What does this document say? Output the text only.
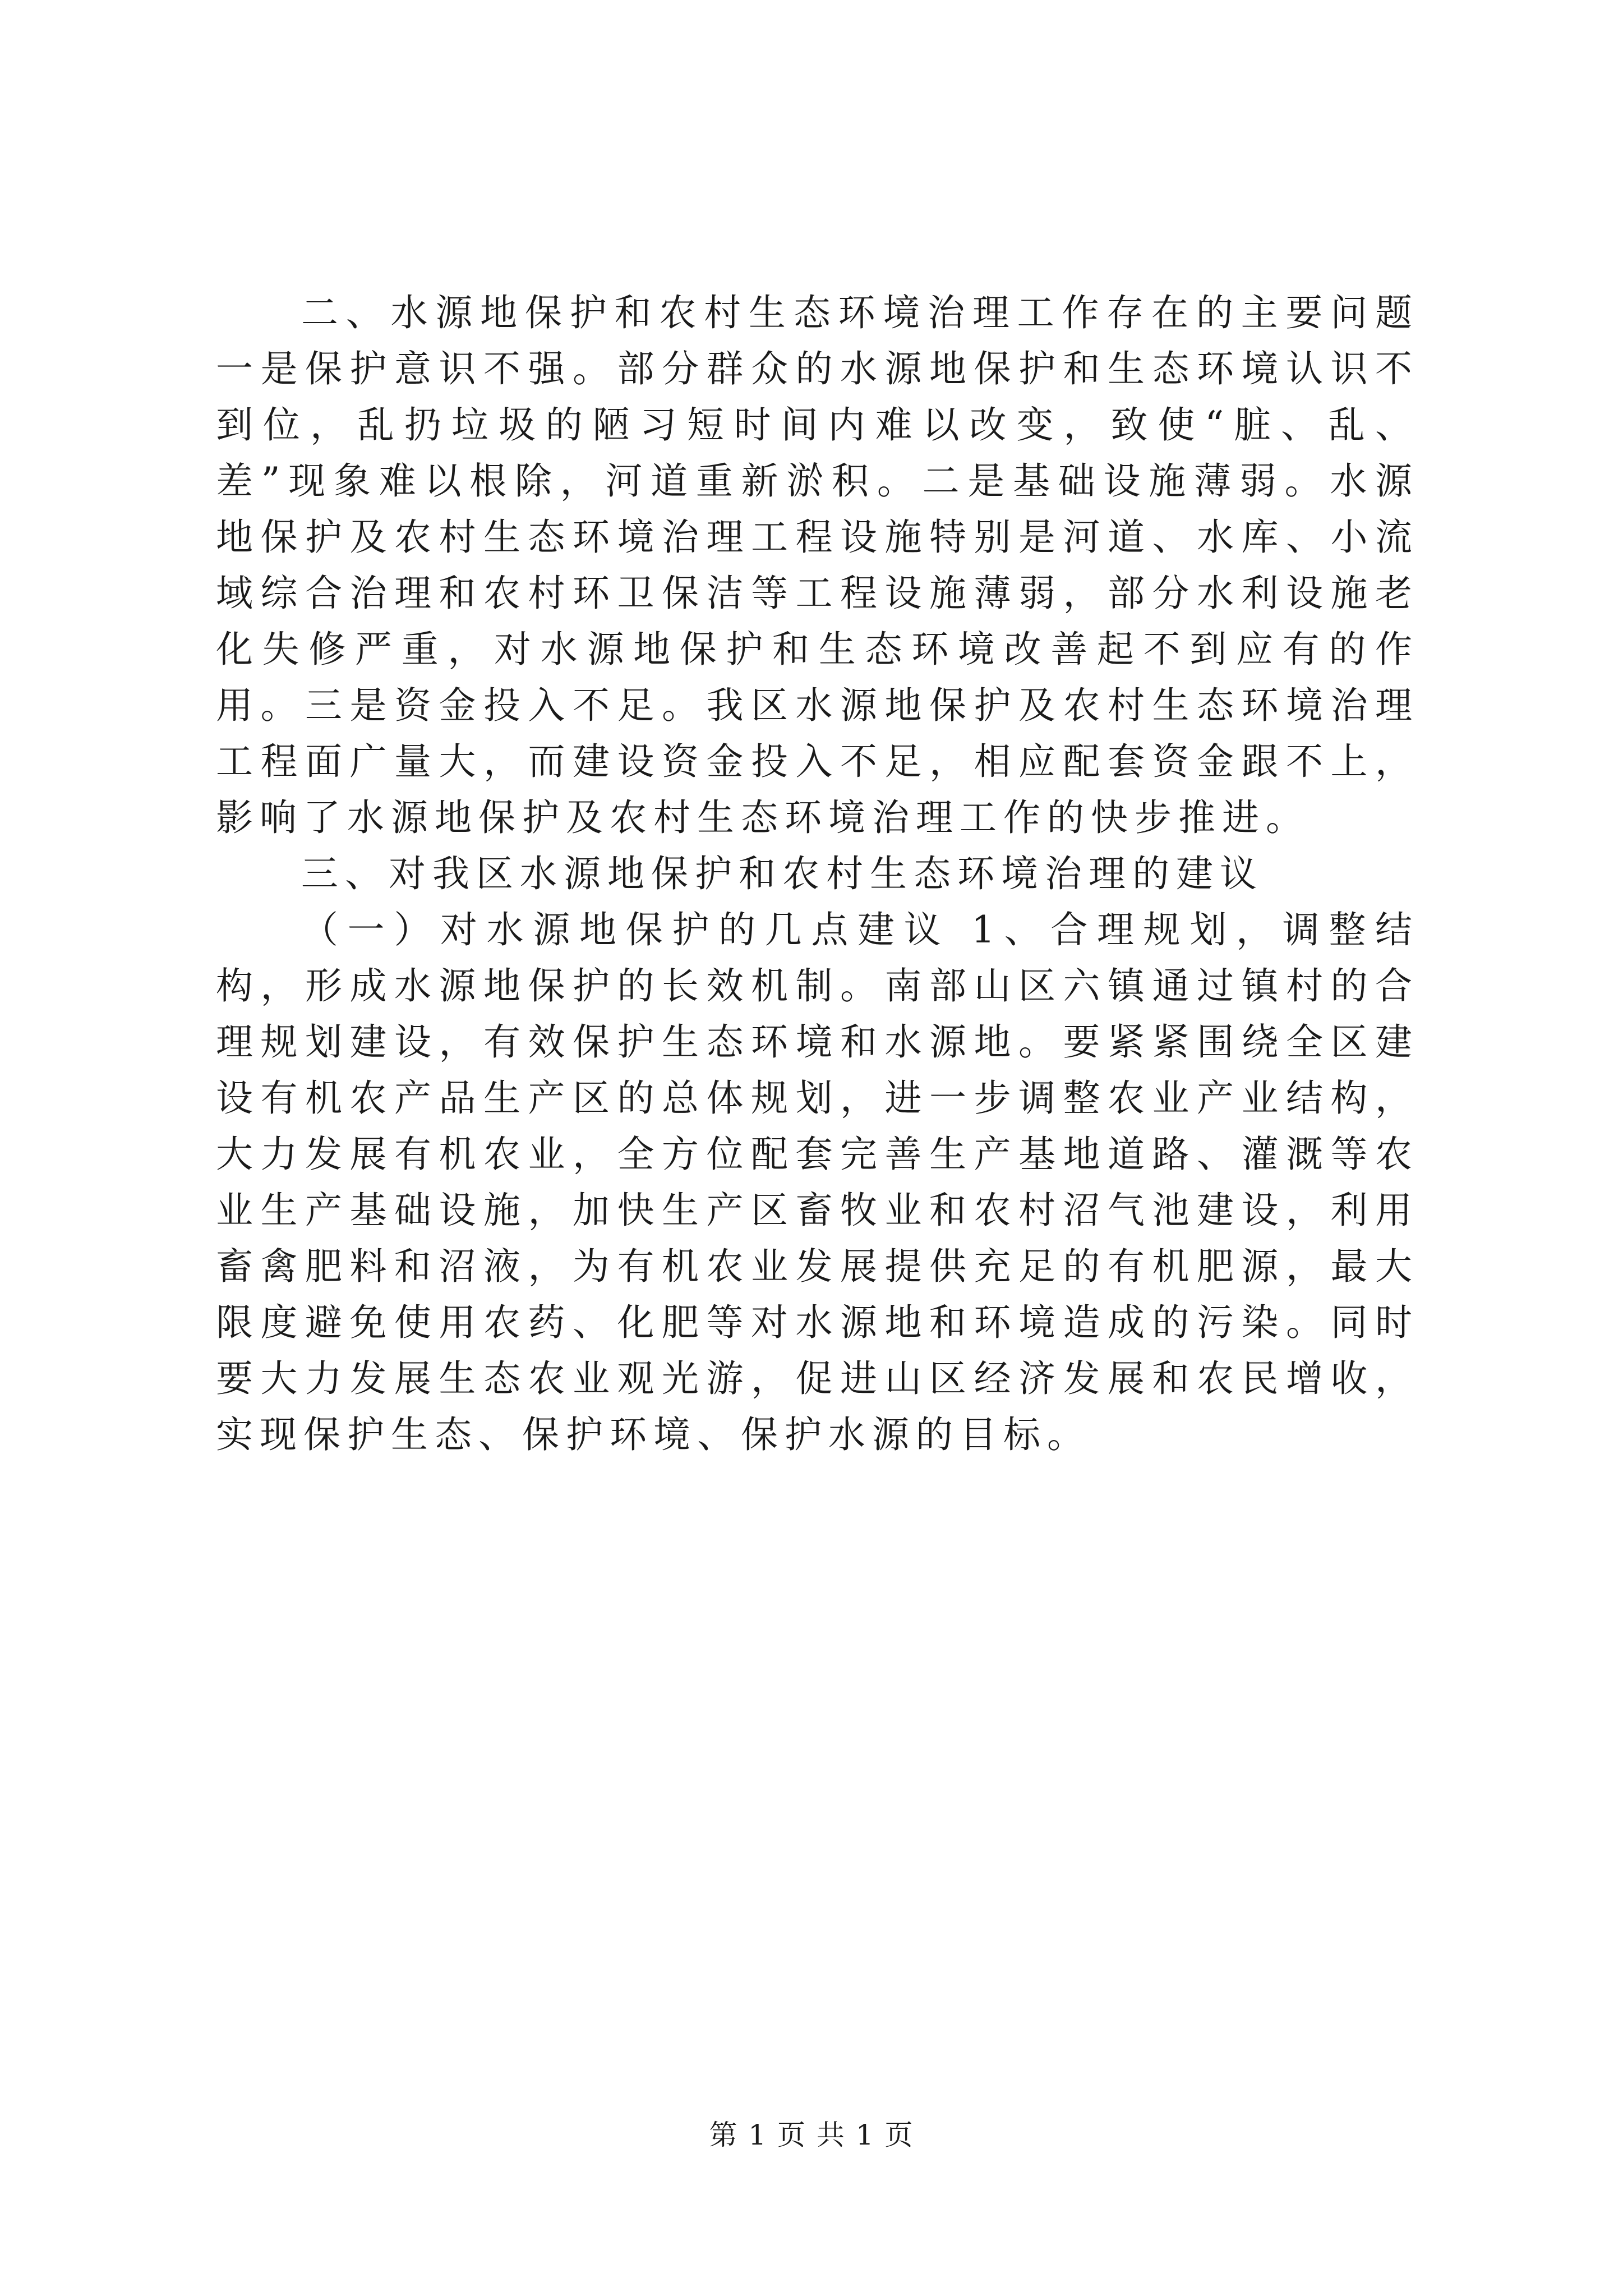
二、水源地保护和农村生态环境治理工作存在的主要问题一是保护意识不强。部分群众的水源地保护和生态环境认识不到位，乱扔垃圾的陋习短时间内难以改变，致使“脏、乱、差”现象难以根除，河道重新淤积。二是基础设施薄弱。水源地保护及农村生态环境治理工程设施特别是河道、水库、小流域综合治理和农村环卫保洁等工程设施薄弱，部分水利设施老化失修严重，对水源地保护和生态环境改善起不到应有的作用。三是资金投入不足。我区水源地保护及农村生态环境治理工程面广量大，而建设资金投入不足，相应配套资金跟不上，影响了水源地保护及农村生态环境治理工作的快步推进。

三、对我区水源地保护和农村生态环境治理的建议

（一）对水源地保护的几点建议 1、合理规划，调整结构，形成水源地保护的长效机制。南部山区六镇通过镇村的合理规划建设，有效保护生态环境和水源地。要紧紧围绕全区建设有机农产品生产区的总体规划，进一步调整农业产业结构，大力发展有机农业，全方位配套完善生产基地道路、灌溉等农业生产基础设施，加快生产区畜牧业和农村沼气池建设，利用畜禽肥料和沼液，为有机农业发展提供充足的有机肥源，最大限度避免使用农药、化肥等对水源地和环境造成的污染。同时要大力发展生态农业观光游，促进山区经济发展和农民增收，实现保护生态、保护环境、保护水源的目标。

第 1 页 共 1 页
